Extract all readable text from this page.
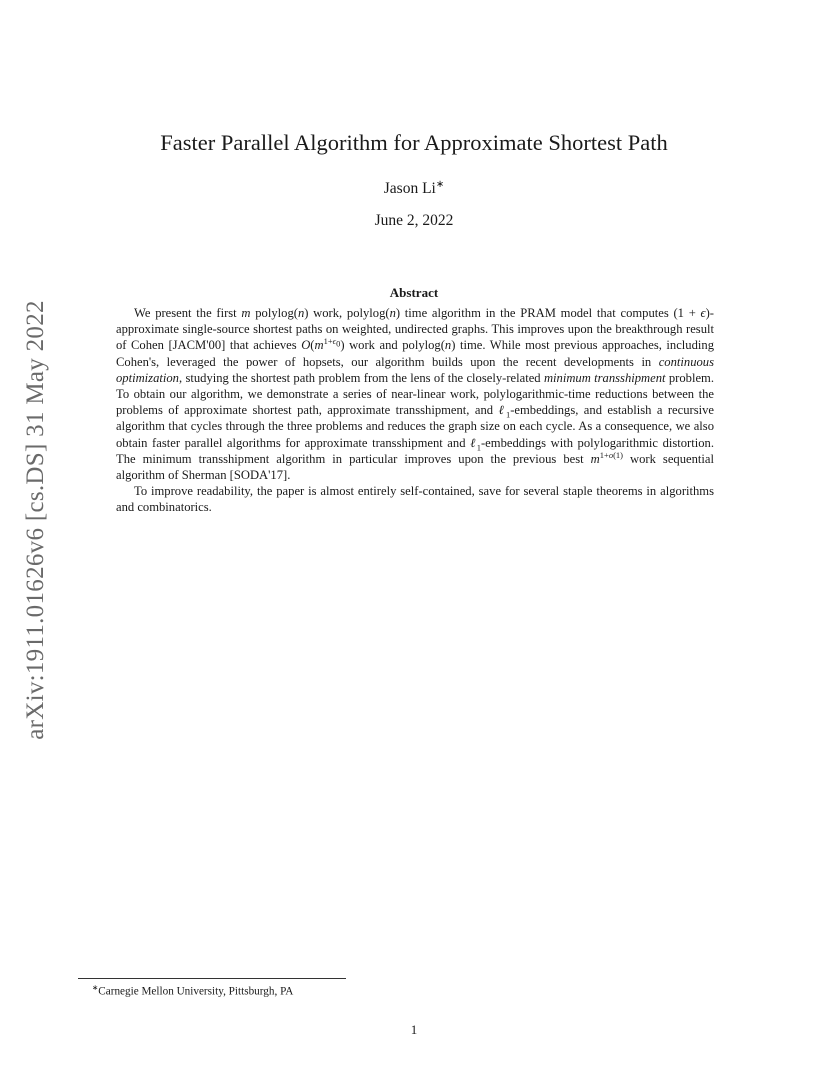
arXiv:1911.01626v6 [cs.DS] 31 May 2022
Faster Parallel Algorithm for Approximate Shortest Path
Jason Li∗
June 2, 2022
Abstract

We present the first m polylog(n) work, polylog(n) time algorithm in the PRAM model that computes (1 + ϵ)-approximate single-source shortest paths on weighted, undirected graphs. This improves upon the breakthrough result of Cohen [JACM'00] that achieves $O(m^{1+\epsilon_0})$ work and polylog(n) time. While most previous approaches, including Cohen's, leveraged the power of hopsets, our algorithm builds upon the recent developments in continuous optimization, studying the shortest path problem from the lens of the closely-related minimum transshipment problem. To obtain our algorithm, we demonstrate a series of near-linear work, polylogarithmic-time reductions between the problems of approximate shortest path, approximate transshipment, and ℓ$_1$-embeddings, and establish a recursive algorithm that cycles through the three problems and reduces the graph size on each cycle. As a consequence, we also obtain faster parallel algorithms for approximate transshipment and ℓ$_1$-embeddings with polylogarithmic distortion. The minimum transshipment algorithm in particular improves upon the previous best $m^{1+o(1)}$ work sequential algorithm of Sherman [SODA'17].

To improve readability, the paper is almost entirely self-contained, save for several staple theorems in algorithms and combinatorics.

∗Carnegie Mellon University, Pittsburgh, PA
1
